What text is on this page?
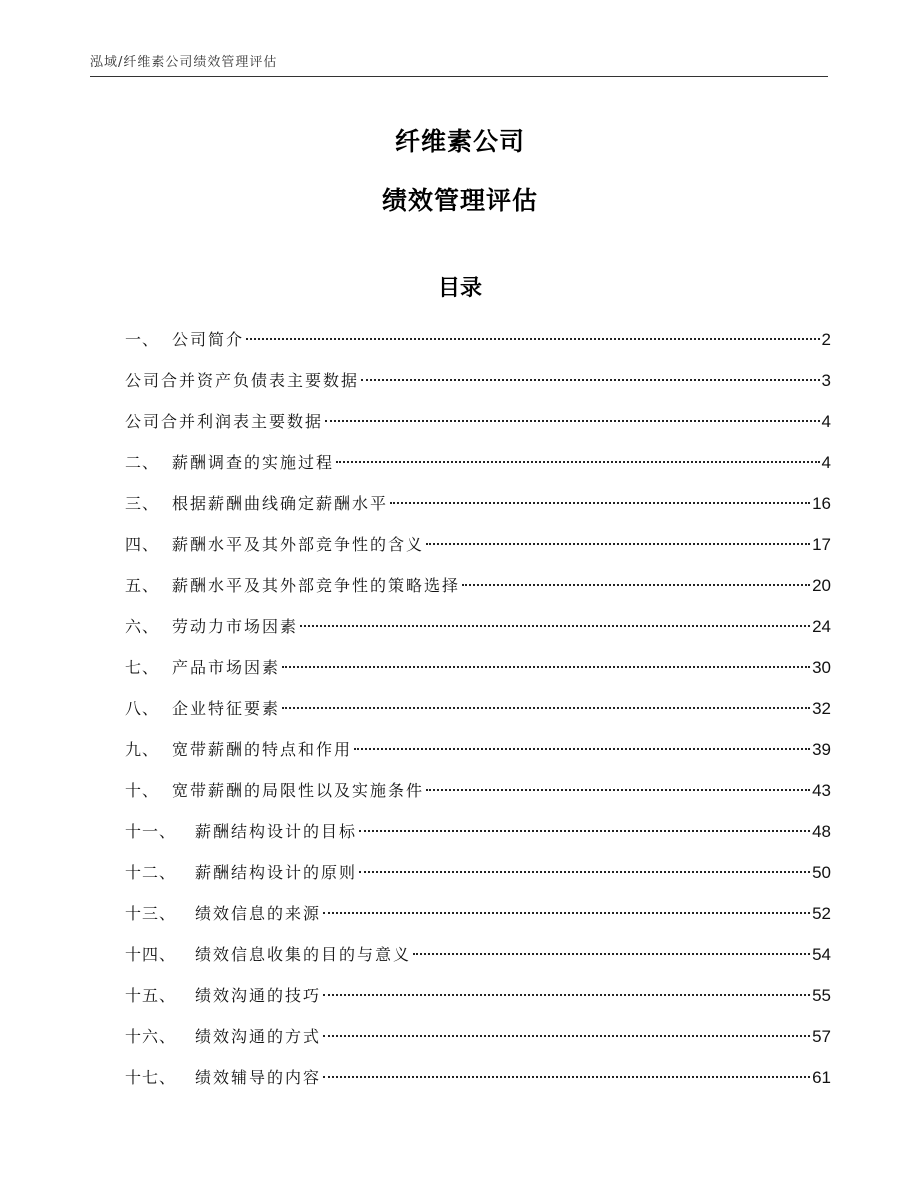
泓域/纤维素公司绩效管理评估
纤维素公司
绩效管理评估
目录
一、 公司简介	2
公司合并资产负债表主要数据	3
公司合并利润表主要数据	4
二、 薪酬调查的实施过程	4
三、 根据薪酬曲线确定薪酬水平	16
四、 薪酬水平及其外部竞争性的含义	17
五、 薪酬水平及其外部竞争性的策略选择	20
六、 劳动力市场因素	24
七、 产品市场因素	30
八、 企业特征要素	32
九、 宽带薪酬的特点和作用	39
十、 宽带薪酬的局限性以及实施条件	43
十一、	薪酬结构设计的目标	48
十二、	薪酬结构设计的原则	50
十三、	绩效信息的来源	52
十四、	绩效信息收集的目的与意义	54
十五、	绩效沟通的技巧	55
十六、	绩效沟通的方式	57
十七、	绩效辅导的内容	61
